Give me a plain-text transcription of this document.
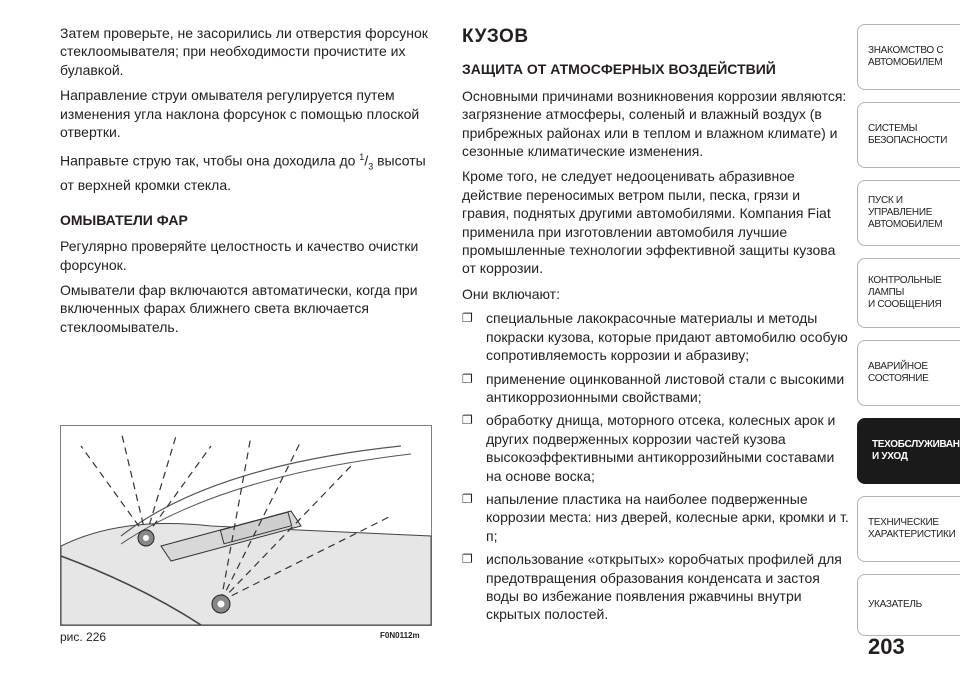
Затем проверьте, не засорились ли отверстия форсунок стеклоомывателя; при необходимости прочистите их булавкой.

Направление струи омывателя регулируется путем изменения угла наклона форсунок с помощью плоской отвертки.

Направьте струю так, чтобы она доходила до $^1/_3$ высоты от верхней кромки стекла.

ОМЫВАТЕЛИ ФАР

Регулярно проверяйте целостность и качество очистки форсунок.

Омыватели фар включаются автоматически, когда при включенных фарах ближнего света включается стеклоомыватель.

рис. 226	F0N0112m
КУЗОВ
ЗАЩИТА ОТ АТМОСФЕРНЫХ ВОЗДЕЙСТВИЙ

Основными причинами возникновения коррозии являются: загрязнение атмосферы, соленый и влажный воздух (в прибрежных районах или в теплом и влажном климате) и сезонные климатические изменения.

Кроме того, не следует недооценивать абразивное действие переносимых ветром пыли, песка, грязи и гравия, поднятых другими автомобилями. Компания Fiat применила при изготовлении автомобиля лучшие промышленные технологии эффективной защиты кузова от коррозии.

Они включают:

❐ специальные лакокрасочные материалы и методы покраски кузова, которые придают автомобилю особую сопротивляемость коррозии и абразиву;
❐ применение оцинкованной листовой стали с высокими антикоррозионными свойствами;
❐ обработку днища, моторного отсека, колесных арок и других подверженных коррозии частей кузова высокоэффективными антикоррозийными составами на основе воска;
❐ напыление пластика на наиболее подверженные коррозии места: низ дверей, колесные арки, кромки и т. п;
❐ использование «открытых» коробчатых профилей для предотвращения образования конденсата и застоя воды во избежание появления ржавчины внутри скрытых полостей.
ЗНАКОМСТВО С
АВТОМОБИЛЕМ
СИСТЕМЫ
БЕЗОПАСНОСТИ
ПУСК И УПРАВЛЕНИЕ
АВТОМОБИЛЕМ
КОНТРОЛЬНЫЕ
ЛАМПЫ
И СООБЩЕНИЯ
АВАРИЙНОЕ
СОСТОЯНИЕ
ТЕХОБСЛУЖИВАНИЕ
И УХОД
ТЕХНИЧЕСКИЕ
ХАРАКТЕРИСТИКИ
УКАЗАТЕЛЬ
203
